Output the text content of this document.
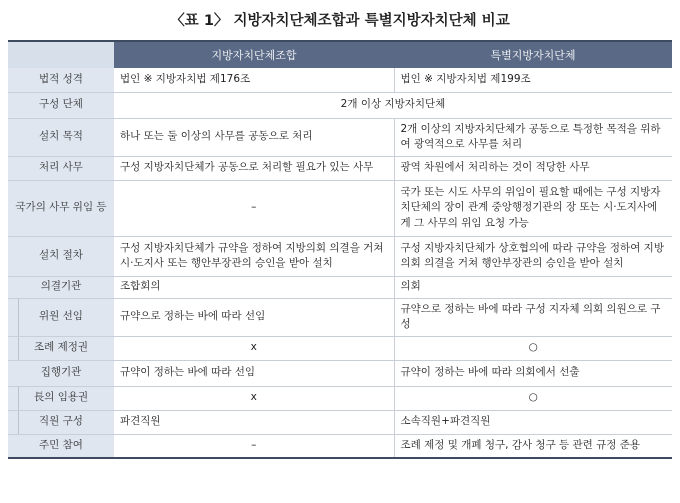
〈표 1〉 지방자치단체조합과 특별지방자치단체 비교
	지방자치단체조합	특별지방자치단체
법적 성격	법인 ※ 지방자치법 제176조	법인 ※ 지방자치법 제199조
구성 단체	2개 이상 지방자치단체	
설치 목적	하나 또는 둘 이상의 사무를 공동으로 처리	2개 이상의 지방자치단체가 공동으로 특정한 목적을 위하여 광역적으로 사무를 처리
처리 사무	구성 지방자치단체가 공동으로 처리할 필요가 있는 사무	광역 차원에서 처리하는 것이 적당한 사무
국가의 사무 위임 등	–	국가 또는 시도 사무의 위임이 필요할 때에는 구성 지방자치단체의 장이 관계 중앙행정기관의 장 또는 시·도지사에게 그 사무의 위임 요청 가능
설치 절차	구성 지방자치단체가 규약을 정하여 지방의회 의결을 거쳐 시·도지사 또는 행안부장관의 승인을 받아 설치	구성 지방자치단체가 상호협의에 따라 규약을 정하여 지방의회 의결을 거쳐 행안부장관의 승인을 받아 설치
의결기관	조합회의	의회
위원 선임	규약으로 정하는 바에 따라 선임	규약으로 정하는 바에 따라 구성 지자체 의회 의원으로 구성
조례 제정권	x	○
집행기관	규약이 정하는 바에 따라 선임	규약이 정하는 바에 따라 의회에서 선출
長의 임용권	x	○
직원 구성	파견직원	소속직원+파견직원
주민 참여	–	조례 제정 및 개폐 청구, 감사 청구 등 관련 규정 준용
